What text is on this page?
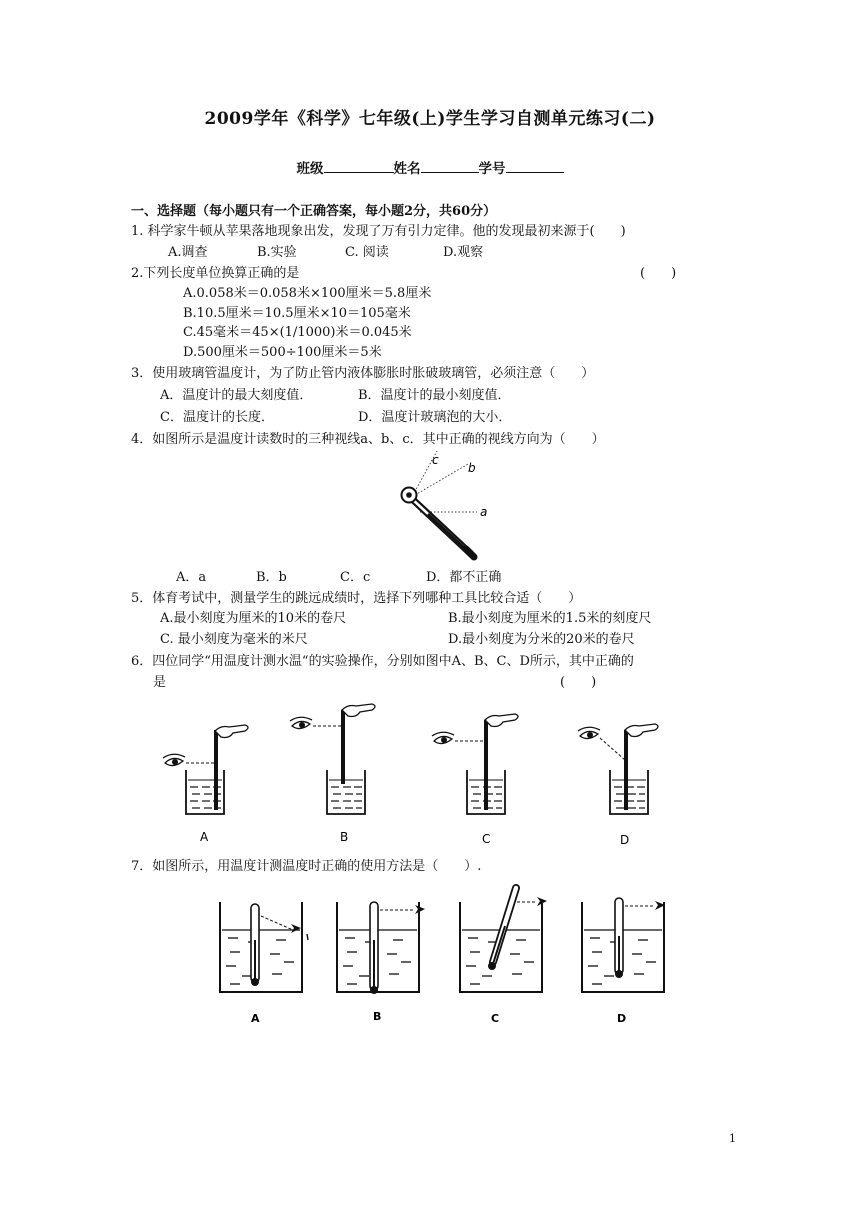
2009学年《科学》七年级(上)学生学习自测单元练习(二)
班级	姓名	学号
一、选择题（每小题只有一个正确答案，每小题2分，共60分）
1. 科学家牛顿从苹果落地现象出发，发现了万有引力定律。他的发现最初来源于(　　)
A.调查	B.实验	C. 阅读	D.观察
2.下列长度单位换算正确的是	(　　)
A.0.058米＝0.058米×100厘米＝5.8厘米
B.10.5厘米＝10.5厘米×10＝105毫米
C.45毫米＝45×(1/1000)米＝0.045米
D.500厘米＝500÷100厘米＝5米
3．使用玻璃管温度计，为了防止管内液体膨胀时胀破玻璃管，必须注意（　　）
A．温度计的最大刻度值．	B．温度计的最小刻度值．
C．温度计的长度．	D．温度计玻璃泡的大小．
4．如图所示是温度计读数时的三种视线a、b、c．其中正确的视线方向为（　　）
c
b
a
A．a	B．b	C．c	D．都不正确
5．体育考试中，测量学生的跳远成绩时，选择下列哪种工具比较合适（　　）
A.最小刻度为厘米的10米的卷尺	B.最小刻度为厘米的1.5米的刻度尺
C. 最小刻度为毫米的米尺	D.最小刻度为分米的20米的卷尺
6．四位同学“用温度计测水温“的实验操作，分别如图中A、B、C、D所示，其中正确的
是	(　　)
A	B	C	D
7．如图所示，用温度计测温度时正确的使用方法是（　　）.
A	B	C	D
1
